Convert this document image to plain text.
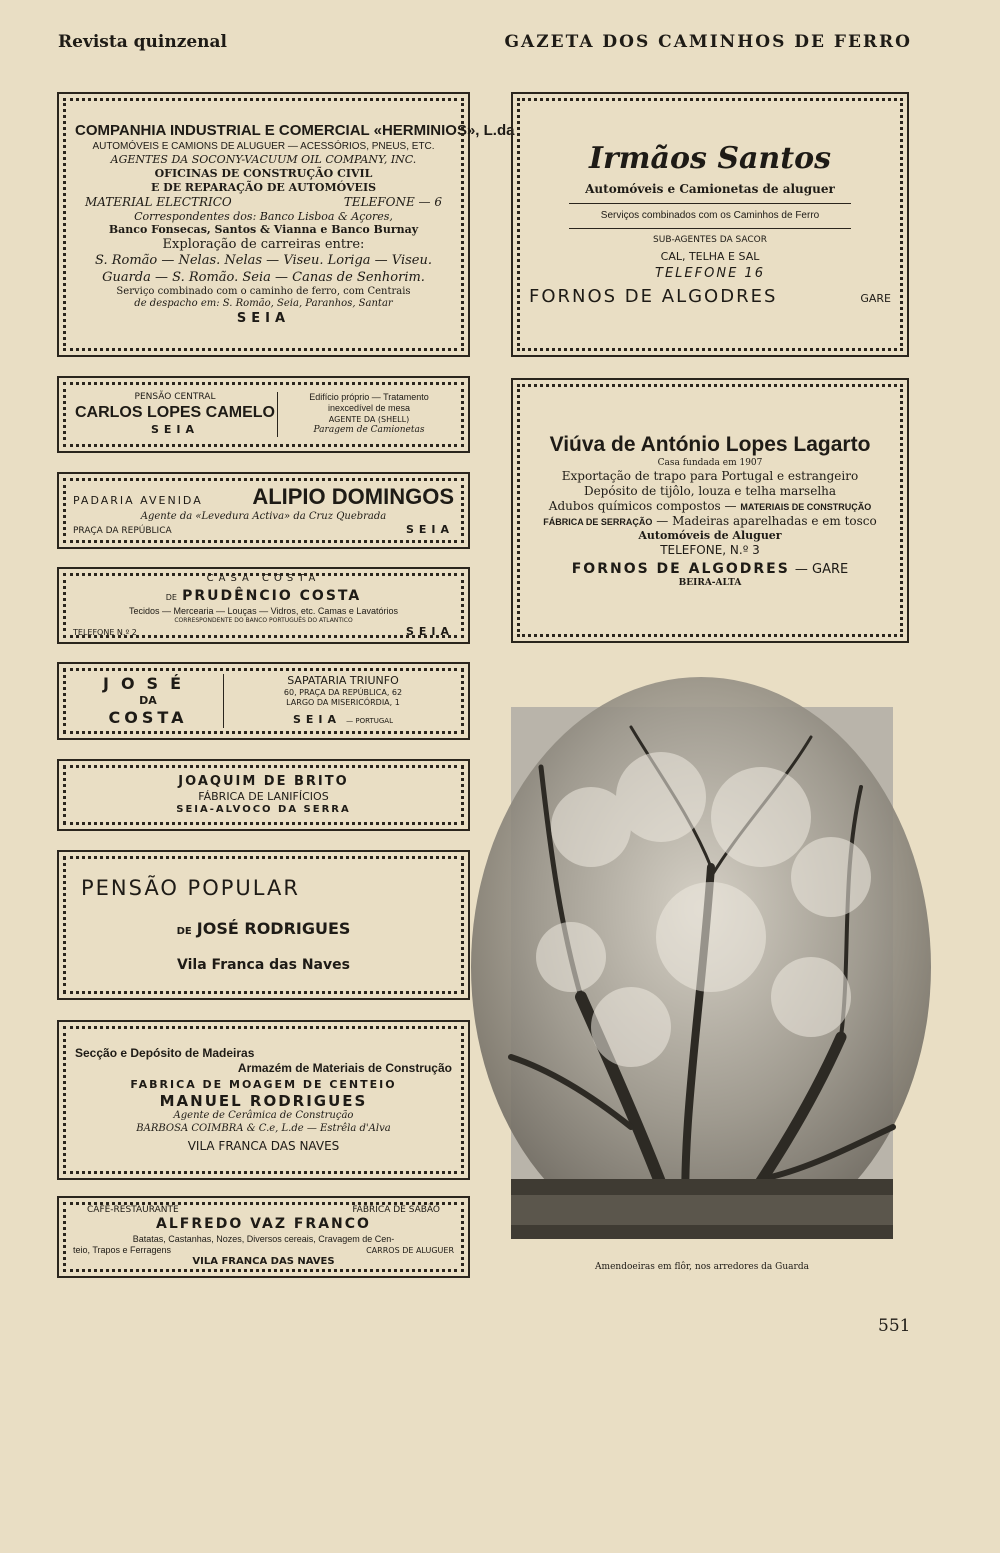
Revista quinzenal	GAZETA DOS CAMINHOS DE FERRO
COMPANHIA INDUSTRIAL E COMERCIAL «HERMINIOS», L.da
AUTOMÓVEIS E CAMIONS DE ALUGUER — ACESSÓRIOS, PNEUS, ETC.
AGENTES DA SOCONY-VACUUM OIL COMPANY, INC.
OFICINAS DE CONSTRUÇÃO CIVIL
E DE REPARAÇÃO DE AUTOMÓVEIS
MATERIAL ELECTRICO	TELEFONE — 6
Correspondentes dos: Banco Lisboa & Açores,
Banco Fonsecas, Santos & Vianna e Banco Burnay
Exploração de carreiras entre:
S. Romão — Nelas. Nelas — Viseu. Loriga — Viseu.
Guarda — S. Romão. Seia — Canas de Senhorim.
Serviço combinado com o caminho de ferro, com Centrais
de despacho em: S. Romão, Seia, Paranhos, Santar
SEIA
Irmãos Santos
Automóveis e Camionetas de aluguer
Serviços combinados com os Caminhos de Ferro
SUB-AGENTES DA SACOR
CAL, TELHA E SAL
TELEFONE 16
FORNOS DE ALGODRES	GARE
PENSÃO CENTRAL
CARLOS LOPES CAMELO
SEIA
Edifício próprio — Tratamento
inexcedível de mesa
AGENTE DA (SHELL)
Paragem de Camionetas
PADARIA AVENIDA ALIPIO DOMINGOS
Agente da «Levedura Activa» da Cruz Quebrada
PRAÇA DA REPÚBLICA	SEIA
CASA COSTA
DE PRUDÊNCIO COSTA
Tecidos — Mercearia — Louças — Vidros, etc. Camas e Lavatórios
CORRESPONDENTE DO BANCO PORTUGUÊS DO ATLANTICO
TELEFONE N.º 2	SEIA
JOSÉ
DA
COSTA
SAPATARIA TRIUNFO
60, PRAÇA DA REPÚBLICA, 62
LARGO DA MISERICÓRDIA, 1
SEIA — PORTUGAL
JOAQUIM DE BRITO
FÁBRICA DE LANIFÍCIOS
SEIA-ALVOCO DA SERRA
PENSÃO POPULAR
DE JOSÉ RODRIGUES
Vila Franca das Naves
Secção e Depósito de Madeiras
Armazém de Materiais de Construção
FABRICA DE MOAGEM DE CENTEIO
MANUEL RODRIGUES
Agente de Cerâmica de Construção
BARBOSA COIMBRA & C.e, L.de — Estrêla d'Alva
VILA FRANCA DAS NAVES
CAFÉ-RESTAURANTE	FABRICA DE SABÃO
ALFREDO VAZ FRANCO
Batatas, Castanhas, Nozes, Diversos cereais, Cravagem de Cen-
teio, Trapos e Ferragens	CARROS DE ALUGUER
VILA FRANCA DAS NAVES
Viúva de António Lopes Lagarto
Casa fundada em 1907
Exportação de trapo para Portugal e estrangeiro
Depósito de tijôlo, louza e telha marselha
Adubos químicos compostos — MATERIAIS DE CONSTRUÇÃO
FÁBRICA DE SERRAÇÃO — Madeiras aparelhadas e em tosco
Automóveis de Aluguer
TELEFONE, N.º 3
FORNOS DE ALGODRES — GARE
BEIRA-ALTA
Amendoeiras em flôr, nos arredores da Guarda
551
